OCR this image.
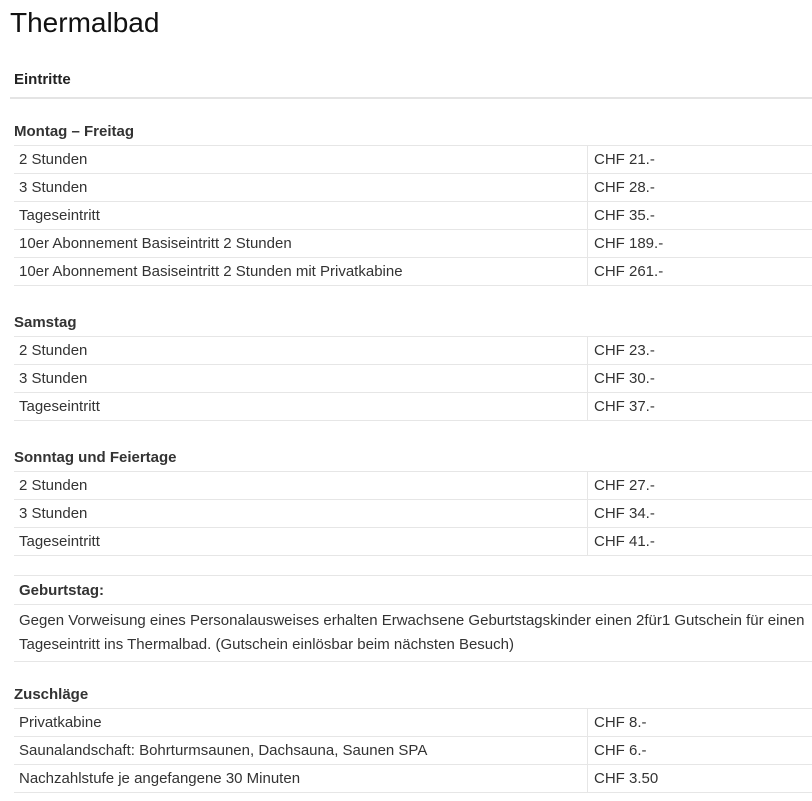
Thermalbad
Eintritte
Montag – Freitag
2 Stunden	CHF 21.-
3 Stunden	CHF 28.-
Tageseintritt	CHF 35.-
10er Abonnement Basiseintritt 2 Stunden	CHF 189.-
10er Abonnement Basiseintritt 2 Stunden mit Privatkabine	CHF 261.-
Samstag
2 Stunden	CHF 23.-
3 Stunden	CHF 30.-
Tageseintritt	CHF 37.-
Sonntag und Feiertage
2 Stunden	CHF 27.-
3 Stunden	CHF 34.-
Tageseintritt	CHF 41.-
Geburtstag:
Gegen Vorweisung eines Personalausweises erhalten Erwachsene Geburtstagskinder einen 2für1 Gutschein für einen Tageseintritt ins Thermalbad. (Gutschein einlösbar beim nächsten Besuch)
Zuschläge
Privatkabine	CHF 8.-
Saunalandschaft: Bohrturmsaunen, Dachsauna, Saunen SPA	CHF 6.-
Nachzahlstufe je angefangene 30 Minuten	CHF 3.50
